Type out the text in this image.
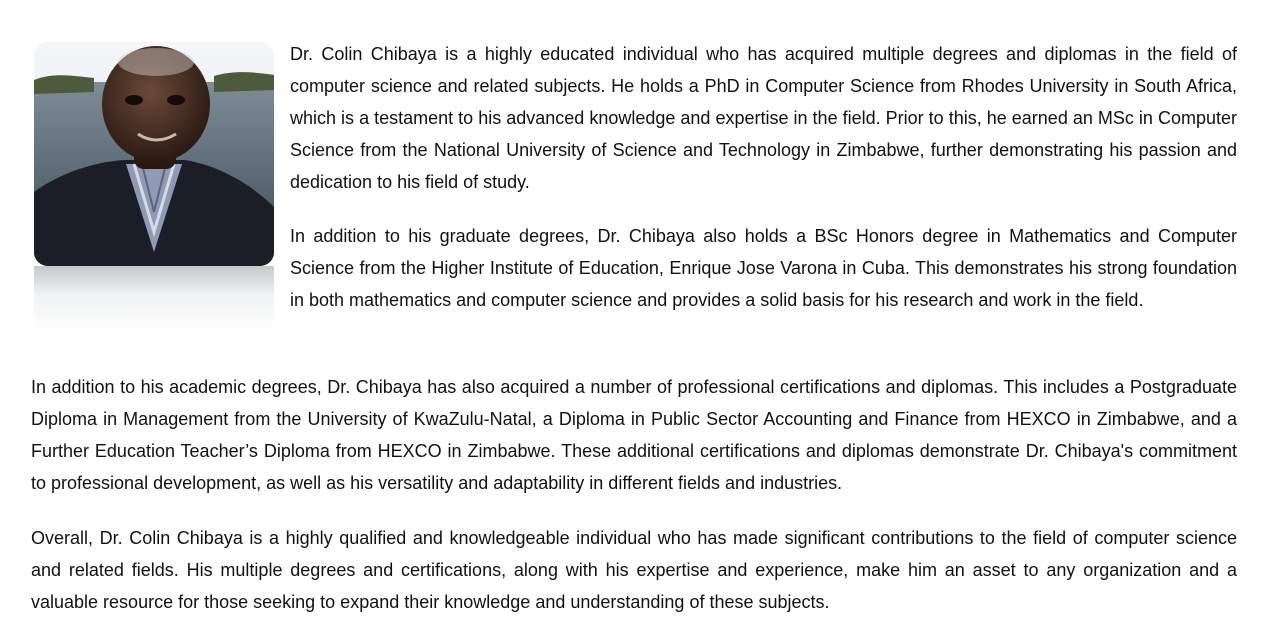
Dr. Colin Chibaya is a highly educated individual who has acquired multiple degrees and diplomas in the field of computer science and related subjects. He holds a PhD in Computer Science from Rhodes University in South Africa, which is a testament to his advanced knowledge and expertise in the field. Prior to this, he earned an MSc in Computer Science from the National University of Science and Technology in Zimbabwe, further demonstrating his passion and dedication to his field of study.

In addition to his graduate degrees, Dr. Chibaya also holds a BSc Honors degree in Mathematics and Computer Science from the Higher Institute of Education, Enrique Jose Varona in Cuba. This demonstrates his strong foundation in both mathematics and computer science and provides a solid basis for his research and work in the field.

In addition to his academic degrees, Dr. Chibaya has also acquired a number of professional certifications and diplomas. This includes a Postgraduate Diploma in Management from the University of KwaZulu-Natal, a Diploma in Public Sector Accounting and Finance from HEXCO in Zimbabwe, and a Further Education Teacher’s Diploma from HEXCO in Zimbabwe. These additional certifications and diplomas demonstrate Dr. Chibaya's commitment to professional development, as well as his versatility and adaptability in different fields and industries.

Overall, Dr. Colin Chibaya is a highly qualified and knowledgeable individual who has made significant contributions to the field of computer science and related fields. His multiple degrees and certifications, along with his expertise and experience, make him an asset to any organization and a valuable resource for those seeking to expand their knowledge and understanding of these subjects.
